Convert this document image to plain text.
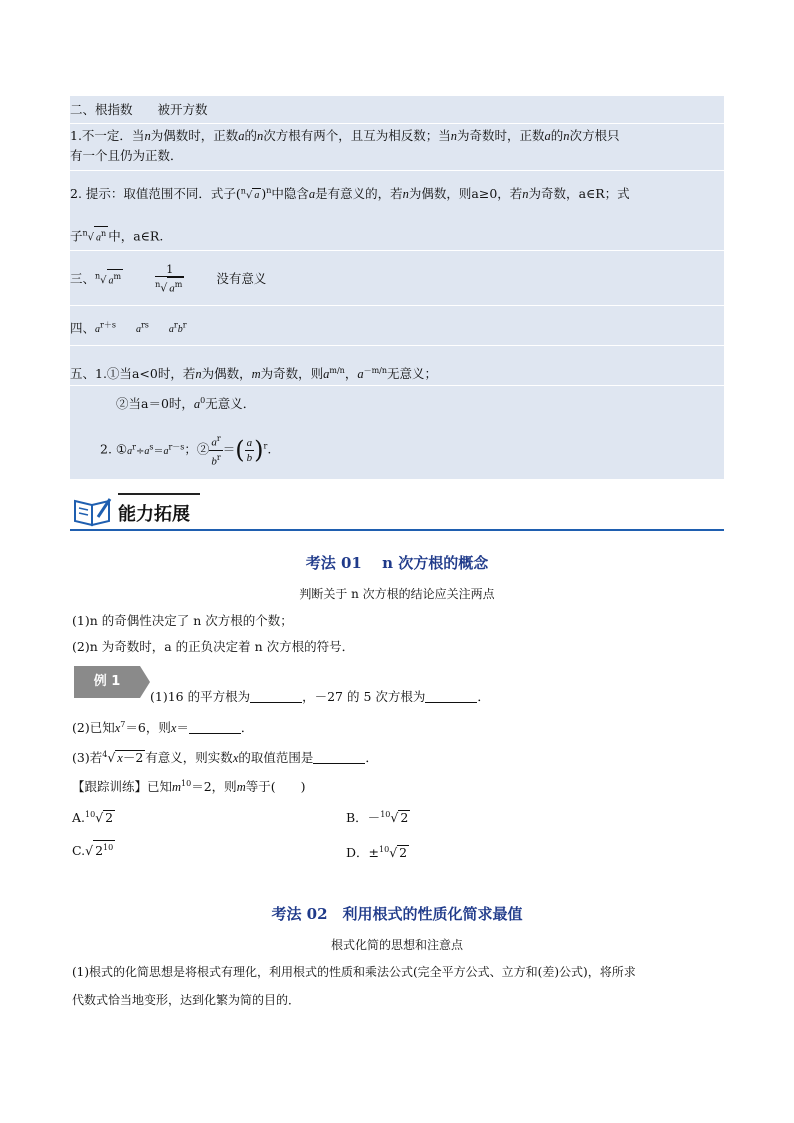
二、根指数　　被开方数
1.不一定．当n为偶数时，正数a的n次方根有两个，且互为相反数；当n为奇数时，正数a的n次方根只
有一个且仍为正数．
2. 提示：取值范围不同．式子($^n$√ a )$^n$中隐含a是有意义的，若n为偶数，则a≥0，若n为奇数，a∈R；式
子$^n$√ $a^n$ 中，a∈R.
三、$^n$√ $a^m$	$\frac{1}{^n√ a^m}$	没有意义
四、$a^{r+s}$　　 $a^{rs}$　　 $a^rb^r$
五、1.①当a<0时，若n为偶数，m为奇数，则$a^{m/n}$，$a^{-m/n}$无意义；
②当a＝0时，$a^0$无意义．
2. $①a^r\div a^s=a^{r-s}$；② $\frac{a^r}{b^r}$ ＝( $\frac{a}{b} )^r$.
能力拓展
考法 01　 n 次方根的概念
判断关于 n 次方根的结论应关注两点
(1)n 的奇偶性决定了 n 次方根的个数；
(2)n 为奇数时，a 的正负决定着 n 次方根的符号．
例 1
(1)16 的平方根为	，－27 的 5 次方根为	．
(2)已知$x^7=6$，则x＝	．
(3)若$^4$√ x－2 有意义，则实数x的取值范围是	．
【跟踪训练】已知$m^{10}=2$，则m等于(　　)
A.$^{10}$√ 2	B．－$^{10}$√ 2
C.√ $2^{10}$	D．±$^{10}$√ 2
考法 02　利用根式的性质化简求最值
根式化简的思想和注意点
(1)根式的化简思想是将根式有理化，利用根式的性质和乘法公式(完全平方公式、立方和(差)公式)，将所求
代数式恰当地变形，达到化繁为简的目的．
